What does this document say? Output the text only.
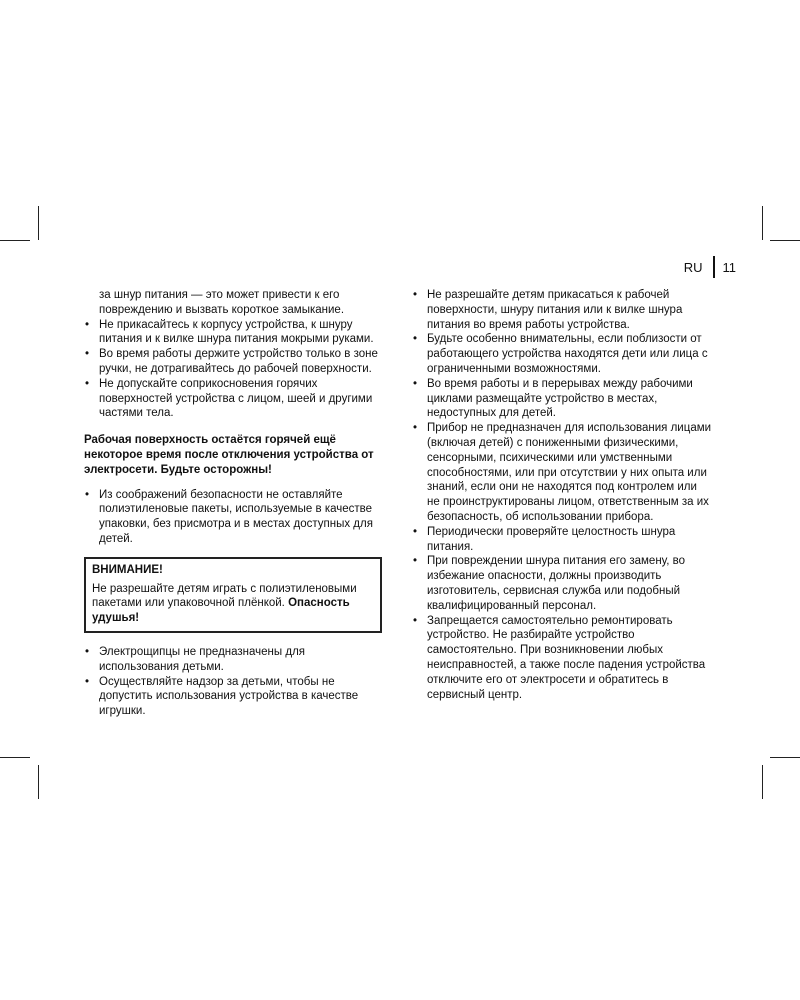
RU	11

за шнур питания — это может привести к его повреждению и вызвать короткое замыкание.

• Не прикасайтесь к корпусу устройства, к шнуру питания и к вилке шнура питания мокрыми руками.
• Во время работы держите устройство только в зоне ручки, не дотрагивайтесь до рабочей поверхности.
• Не допускайте соприкосновения горячих поверхностей устройства с лицом, шеей и другими частями тела.

Рабочая поверхность остаётся горячей ещё некоторое время после отключения устройства от электросети. Будьте осторожны!

• Из соображений безопасности не оставляйте полиэтиленовые пакеты, используемые в качестве упаковки, без присмотра и в местах доступных для детей.
ВНИМАНИЕ!
Не разрешайте детям играть с полиэтиленовыми пакетами или упаковочной плёнкой. Опасность удушья!
• Электрощипцы не предназначены для использования детьми.
• Осуществляйте надзор за детьми, чтобы не допустить использования устройства в качестве игрушки.
• Не разрешайте детям прикасаться к рабочей поверхности, шнуру питания или к вилке шнура питания во время работы устройства.
• Будьте особенно внимательны, если поблизости от работающего устройства находятся дети или лица с ограниченными возможностями.
• Во время работы и в перерывах между рабочими циклами размещайте устройство в местах, недоступных для детей.
• Прибор не предназначен для использования лицами (включая детей) с пониженными физическими, сенсорными, психическими или умственными способностями, или при отсутствии у них опыта или знаний, если они не находятся под контролем или не проинструктированы лицом, ответственным за их безопасность, об использовании прибора.
• Периодически проверяйте целостность шнура питания.
• При повреждении шнура питания его замену, во избежание опасности, должны производить изготовитель, сервисная служба или подобный квалифицированный персонал.
• Запрещается самостоятельно ремонтировать устройство. Не разбирайте устройство самостоятельно. При возникновении любых неисправностей, а также после падения устройства отключите его от электросети и обратитесь в сервисный центр.
